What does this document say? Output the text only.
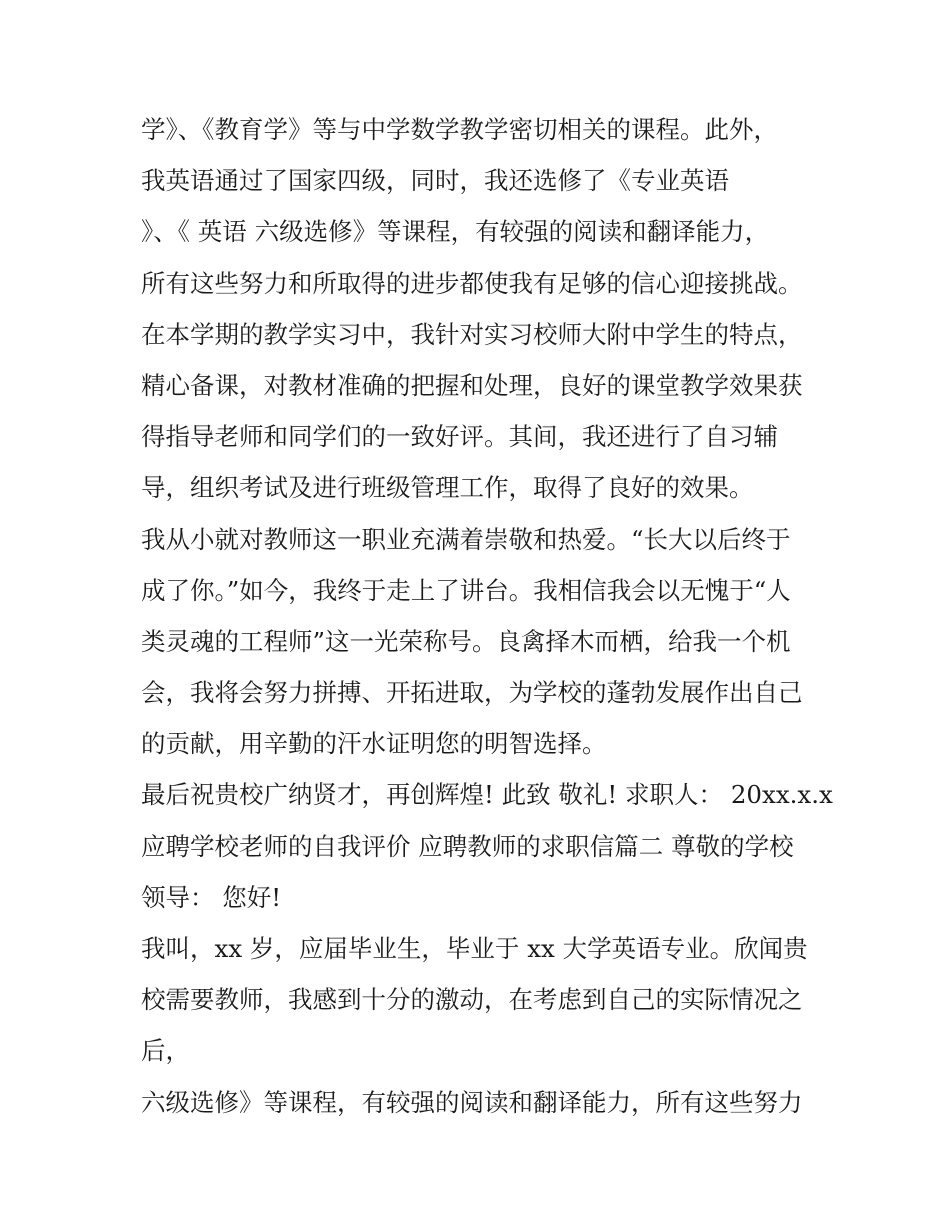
学》、《教育学》等与中学数学教学密切相关的课程。此外，
我英语通过了国家四级，同时，我还选修了《专业英语
》、《 英语 六级选修》等课程，有较强的阅读和翻译能力，
所有这些努力和所取得的进步都使我有足够的信心迎接挑战。
在本学期的教学实习中，我针对实习校师大附中学生的特点，
精心备课，对教材准确的把握和处理，良好的课堂教学效果获
得指导老师和同学们的一致好评。其间，我还进行了自习辅
导，组织考试及进行班级管理工作，取得了良好的效果。
我从小就对教师这一职业充满着崇敬和热爱。“长大以后终于
成了你。”如今，我终于走上了讲台。我相信我会以无愧于“人
类灵魂的工程师”这一光荣称号。良禽择木而栖，给我一个机
会，我将会努力拼搏、开拓进取，为学校的蓬勃发展作出自己
的贡献，用辛勤的汗水证明您的明智选择。
最后祝贵校广纳贤才，再创辉煌! 此致 敬礼! 求职人： 20xx.x.x
应聘学校老师的自我评价 应聘教师的求职信篇二 尊敬的学校
领导： 您好!
我叫，xx 岁，应届毕业生，毕业于 xx 大学英语专业。欣闻贵
校需要教师，我感到十分的激动，在考虑到自己的实际情况之
后，
六级选修》等课程，有较强的阅读和翻译能力，所有这些努力
